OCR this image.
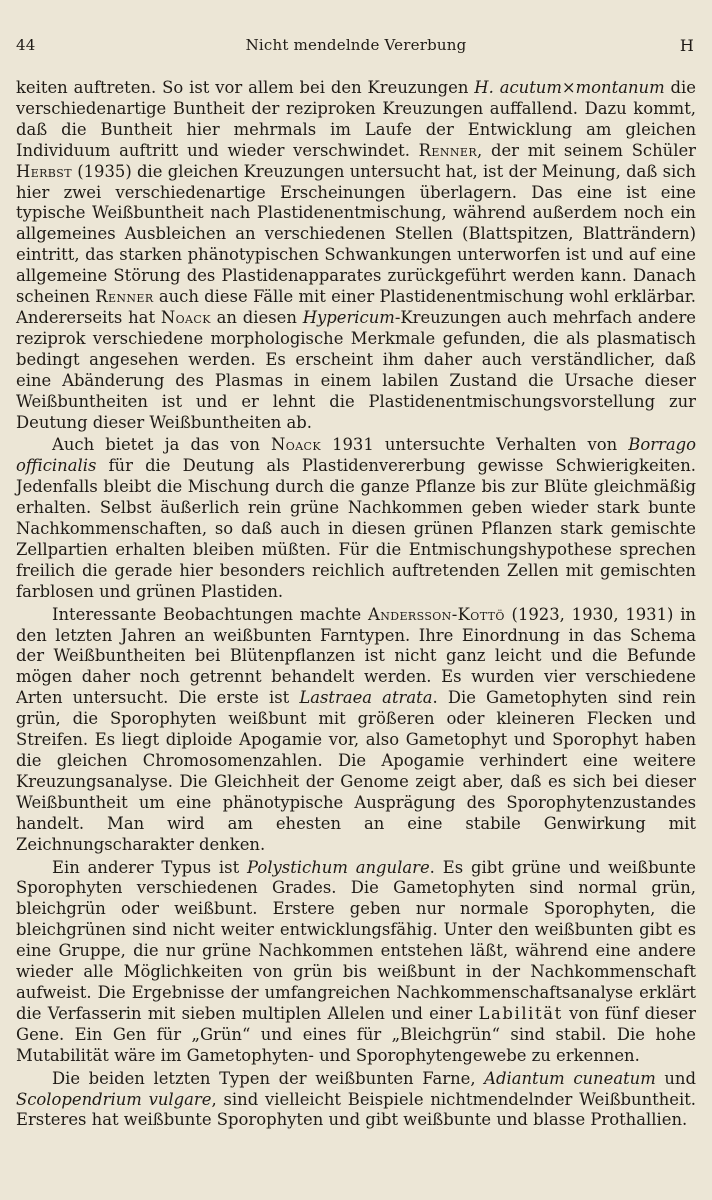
44	Nicht mendelnde Vererbung	H

keiten auftreten. So ist vor allem bei den Kreuzungen H. acutum×montanum die verschiedenartige Buntheit der reziproken Kreuzungen auffallend. Dazu kommt, daß die Buntheit hier mehrmals im Laufe der Entwicklung am gleichen Individuum auftritt und wieder verschwindet. Renner, der mit seinem Schüler Herbst (1935) die gleichen Kreuzungen untersucht hat, ist der Meinung, daß sich hier zwei verschiedenartige Erscheinungen überlagern. Das eine ist eine typische Weißbuntheit nach Plastidenentmischung, während außerdem noch ein allgemeines Ausbleichen an verschiedenen Stellen (Blattspitzen, Blatträndern) eintritt, das starken phänotypischen Schwankungen unterworfen ist und auf eine allgemeine Störung des Plastidenapparates zurückgeführt werden kann. Danach scheinen Renner auch diese Fälle mit einer Plastidenentmischung wohl erklärbar. Andererseits hat Noack an diesen Hypericum-Kreuzungen auch mehrfach andere reziprok verschiedene morphologische Merkmale gefunden, die als plasmatisch bedingt angesehen werden. Es erscheint ihm daher auch verständlicher, daß eine Abänderung des Plasmas in einem labilen Zustand die Ursache dieser Weißbuntheiten ist und er lehnt die Plastidenentmischungsvorstellung zur Deutung dieser Weißbuntheiten ab.

Auch bietet ja das von Noack 1931 untersuchte Verhalten von Borrago officinalis für die Deutung als Plastidenvererbung gewisse Schwierigkeiten. Jedenfalls bleibt die Mischung durch die ganze Pflanze bis zur Blüte gleichmäßig erhalten. Selbst äußerlich rein grüne Nachkommen geben wieder stark bunte Nachkommenschaften, so daß auch in diesen grünen Pflanzen stark gemischte Zellpartien erhalten bleiben müßten. Für die Entmischungshypothese sprechen freilich die gerade hier besonders reichlich auftretenden Zellen mit gemischten farblosen und grünen Plastiden.

Interessante Beobachtungen machte Andersson-Kottö (1923, 1930, 1931) in den letzten Jahren an weißbunten Farntypen. Ihre Einordnung in das Schema der Weißbuntheiten bei Blütenpflanzen ist nicht ganz leicht und die Befunde mögen daher noch getrennt behandelt werden. Es wurden vier verschiedene Arten untersucht. Die erste ist Lastraea atrata. Die Gametophyten sind rein grün, die Sporophyten weißbunt mit größeren oder kleineren Flecken und Streifen. Es liegt diploide Apogamie vor, also Gametophyt und Sporophyt haben die gleichen Chromosomenzahlen. Die Apogamie verhindert eine weitere Kreuzungsanalyse. Die Gleichheit der Genome zeigt aber, daß es sich bei dieser Weißbuntheit um eine phänotypische Ausprägung des Sporophytenzustandes handelt. Man wird am ehesten an eine stabile Genwirkung mit Zeichnungscharakter denken.

Ein anderer Typus ist Polystichum angulare. Es gibt grüne und weißbunte Sporophyten verschiedenen Grades. Die Gametophyten sind normal grün, bleichgrün oder weißbunt. Erstere geben nur normale Sporophyten, die bleichgrünen sind nicht weiter entwicklungsfähig. Unter den weißbunten gibt es eine Gruppe, die nur grüne Nachkommen entstehen läßt, während eine andere wieder alle Möglichkeiten von grün bis weißbunt in der Nachkommenschaft aufweist. Die Ergebnisse der umfangreichen Nachkommenschaftsanalyse erklärt die Verfasserin mit sieben multiplen Allelen und einer Labilität von fünf dieser Gene. Ein Gen für „Grün“ und eines für „Bleichgrün“ sind stabil. Die hohe Mutabilität wäre im Gametophyten- und Sporophytengewebe zu erkennen.

Die beiden letzten Typen der weißbunten Farne, Adiantum cuneatum und Scolopendrium vulgare, sind vielleicht Beispiele nichtmendelnder Weißbuntheit. Ersteres hat weißbunte Sporophyten und gibt weißbunte und blasse Prothallien.
